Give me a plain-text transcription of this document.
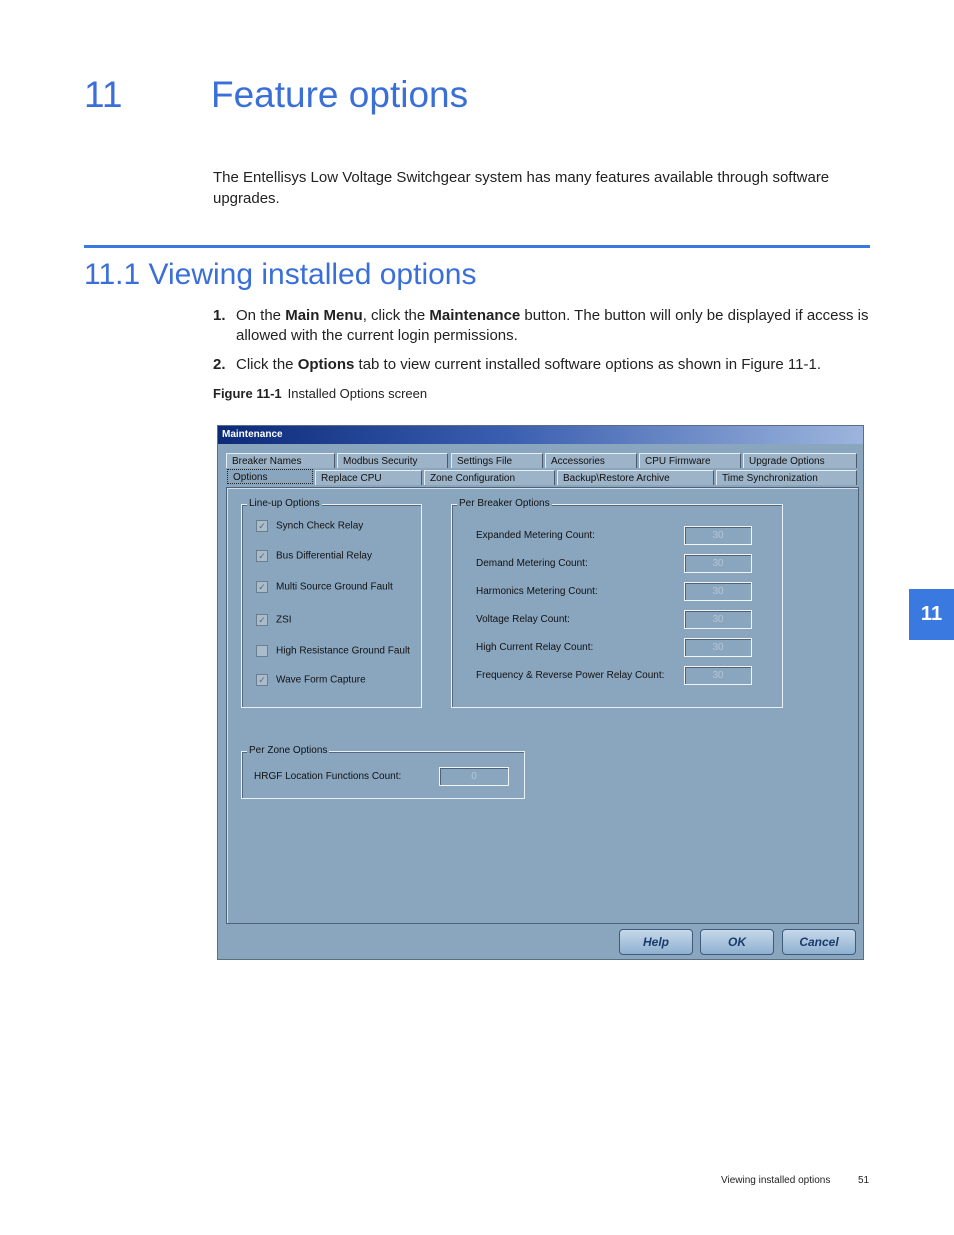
11 Feature options
The Entellisys Low Voltage Switchgear system has many features available through software upgrades.
11.1 Viewing installed options
1. On the Main Menu, click the Maintenance button. The button will only be displayed if access is allowed with the current login permissions.
2. Click the Options tab to view current installed software options as shown in Figure 11-1.
Figure 11-1 Installed Options screen
Maintenance
Breaker Names	Modbus Security	Settings File	Accessories	CPU Firmware	Upgrade Options
Options	Replace CPU	Zone Configuration	Backup\Restore Archive	Time Synchronization
Line-up Options
✓ Synch Check Relay
✓ Bus Differential Relay
✓ Multi Source Ground Fault
✓ ZSI
High Resistance Ground Fault
✓ Wave Form Capture
Per Breaker Options
Expanded Metering Count:	30
Demand Metering Count:	30
Harmonics Metering Count:	30
Voltage Relay Count:	30
High Current Relay Count:	30
Frequency & Reverse Power Relay Count:	30
Per Zone Options
HRGF Location Functions Count:	0
Help	OK	Cancel
11
Viewing installed options	51
